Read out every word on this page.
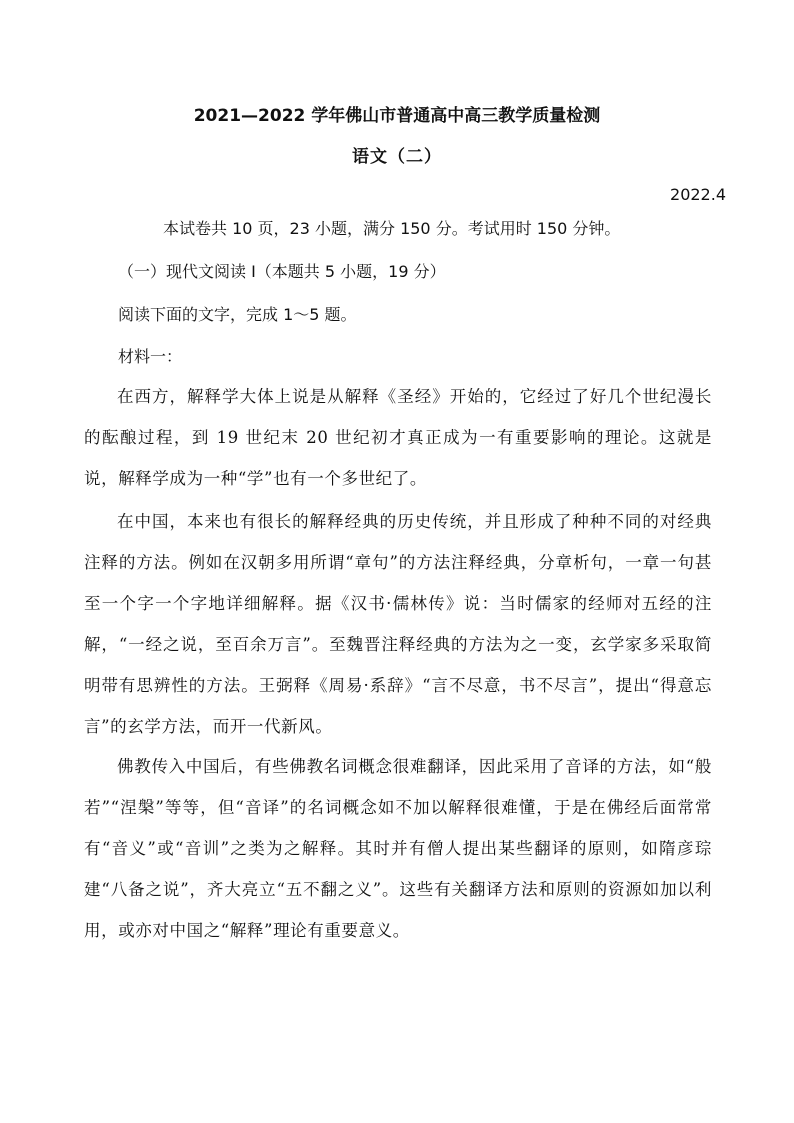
2021—2022 学年佛山市普通高中高三教学质量检测
语文（二）
2022.4
本试卷共 10 页，23 小题，满分 150 分。考试用时 150 分钟。
（一）现代文阅读 I（本题共 5 小题，19 分）
阅读下面的文字，完成 1～5 题。
材料一：

在西方，解释学大体上说是从解释《圣经》开始的，它经过了好几个世纪漫长的酝酿过程，到 19 世纪末 20 世纪初才真正成为一有重要影响的理论。这就是说，解释学成为一种“学”也有一个多世纪了。

在中国，本来也有很长的解释经典的历史传统，并且形成了种种不同的对经典注释的方法。例如在汉朝多用所谓“章句”的方法注释经典，分章析句，一章一句甚至一个字一个字地详细解释。据《汉书·儒林传》说：当时儒家的经师对五经的注解，“一经之说，至百余万言”。至魏晋注释经典的方法为之一变，玄学家多采取简明带有思辨性的方法。王弼释《周易·系辞》“言不尽意，书不尽言”，提出“得意忘言”的玄学方法，而开一代新风。

佛教传入中国后，有些佛教名词概念很难翻译，因此采用了音译的方法，如“般若”“涅槃”等等，但“音译”的名词概念如不加以解释很难懂，于是在佛经后面常常有“音义”或“音训”之类为之解释。其时并有僧人提出某些翻译的原则，如隋彦琮建“八备之说”，齐大亮立“五不翻之义”。这些有关翻译方法和原则的资源如加以利用，或亦对中国之“解释”理论有重要意义。
